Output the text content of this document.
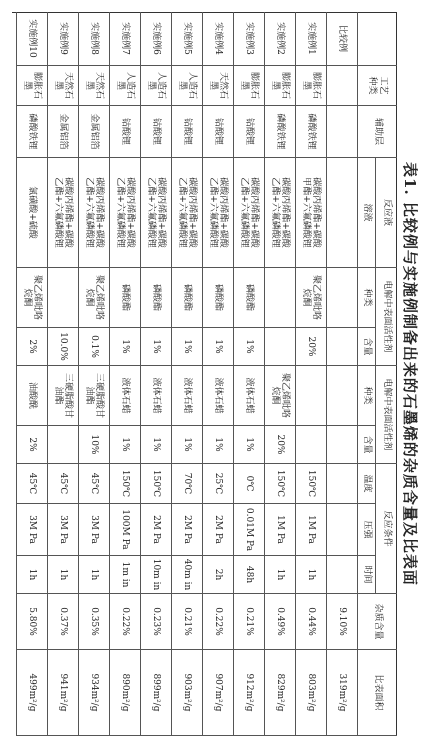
表1. 比较例与实施例制备出来的石墨烯的杂质含量及比表面
工艺
种类
辅助层
反应液
溶液
电解中表面活性剂
种类
含量
电解中表面活性剂
种类
含量
反应条件
温度
压强
时间
杂质含量
比表面积
比较例
9.10%
319m²/g
实施例1
膨胀石墨
磷酸铁锂
碳酸丙烯酯+碳酸
甲酯+六氟磷酸锂
聚乙烯吡咯
烷酮
20%
150℃
1M Pa
1h
0.44%
803m²/g
实施例2
膨胀石墨
磷酸铁锂
碳酸丙烯酯+碳酸
乙酯+六氟磷酸锂
聚乙烯吡咯
烷酮
20%
150℃
1M Pa
1h
0.49%
829m²/g
实施例3
膨胀石墨
钴酸锂
碳酸丙烯酯+碳酸
乙酯+六氟磷酸锂
磷酸酯
1%
液体石蜡
1%
0℃
0.01M Pa
48h
0.21%
912m²/g
实施例4
天然石墨
钴酸锂
碳酸丙烯酯+碳酸
乙酯+六氟磷酸锂
磷酸酯
1%
液体石蜡
1%
25℃
2M Pa
2h
0.22%
907m²/g
实施例5
人造石墨
钴酸锂
碳酸丙烯酯+碳酸
乙酯+六氟磷酸锂
磷酸酯
1%
液体石蜡
1%
70℃
2M Pa
40m in
0.21%
903m²/g
实施例6
人造石墨
钴酸锂
碳酸丙烯酯+碳酸
乙酯+六氟磷酸锂
磷酸酯
1%
液体石蜡
1%
150℃
2M Pa
10m in
0.23%
899m²/g
实施例7
人造石墨
钴酸锂
碳酸丙烯酯+碳酸
乙酯+六氟磷酸锂
磷酸酯
1%
液体石蜡
1%
150℃
100M Pa
1m in
0.22%
890m²/g
实施例8
天然石墨
金属铝箔
碳酸丙烯酯+碳酸
乙酯+六氟磷酸锂
聚乙烯吡咯
烷酮
0.1%
三硬脂酸甘
油酯
10%
45℃
3M Pa
1h
0.35%
934m²/g
实施例9
天然石墨
金属铝箔
碳酸丙烯酯+碳酸
乙酯+六氟磷酸锂
10.0%
三硬脂酸甘
油酯
45℃
3M Pa
1h
0.37%
941m²/g
实施例10
膨胀石墨
磷酸铁锂
氯磺酸+硫酸
聚乙烯吡咯
烷酮
2%
油酸酰
2%
45℃
3M Pa
1h
5.80%
499m²/g
